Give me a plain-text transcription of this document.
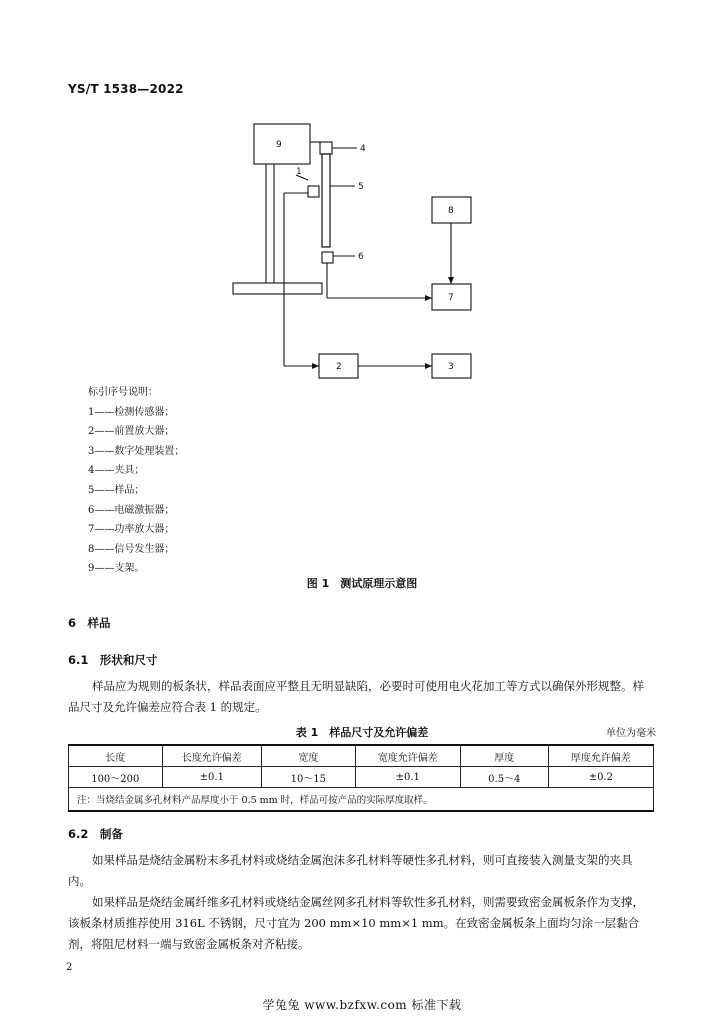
YS/T 1538—2022
9	4
1
5
8
6
7
2	3
标引序号说明：
1——检测传感器；
2——前置放大器；
3——数字处理装置；
4——夹具；
5——样品；
6——电磁激振器；
7——功率放大器；
8——信号发生器；
9——支架。
图 1　测试原理示意图
6　样品
6.1　形状和尺寸
样品应为规则的板条状，样品表面应平整且无明显缺陷，必要时可使用电火花加工等方式以确保外形规整。样品尺寸及允许偏差应符合表 1 的规定。
表 1　样品尺寸及允许偏差	单位为毫米
长度	长度允许偏差	宽度	宽度允许偏差	厚度	厚度允许偏差
100～200	±0.1	10～15	±0.1	0.5～4	±0.2
注：当烧结金属多孔材料产品厚度小于 0.5 mm 时，样品可按产品的实际厚度取样。					
6.2　制备
如果样品是烧结金属粉末多孔材料或烧结金属泡沫多孔材料等硬性多孔材料，则可直接装入测量支架的夹具内。
如果样品是烧结金属纤维多孔材料或烧结金属丝网多孔材料等软性多孔材料，则需要致密金属板条作为支撑，该板条材质推荐使用 316L 不锈钢，尺寸宜为 200 mm×10 mm×1 mm。在致密金属板条上面均匀涂一层黏合剂，将阻尼材料一端与致密金属板条对齐粘接。
2
学兔兔 www.bzfxw.com 标准下载
